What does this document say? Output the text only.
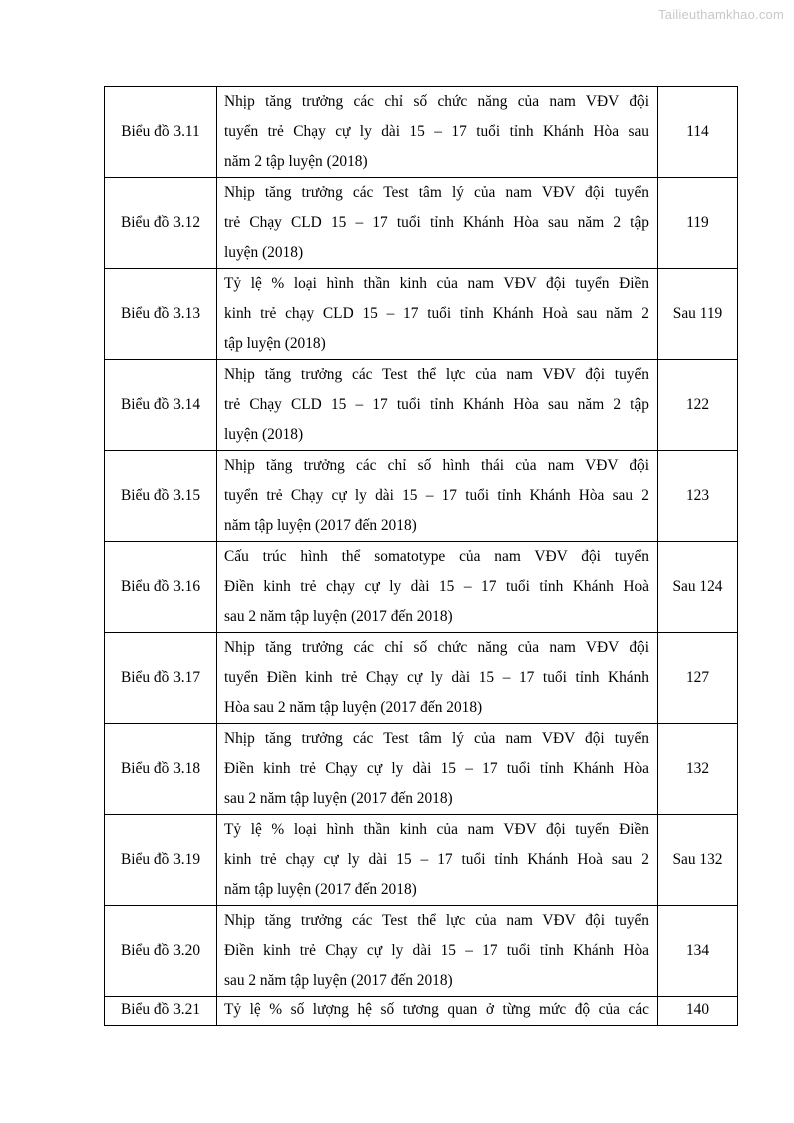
Tailieuthamkhao.com
Biểu đồ 3.11	Nhịp tăng trưởng các chỉ số chức năng của nam VĐV đội
tuyển trẻ Chạy cự ly dài 15 – 17 tuổi tỉnh Khánh Hòa sau
năm 2 tập luyện (2018)	114
Biểu đồ 3.12	Nhịp tăng trưởng các Test tâm lý của nam VĐV đội tuyển
trẻ Chạy CLD 15 – 17 tuổi tỉnh Khánh Hòa sau năm 2 tập
luyện (2018)	119
Biểu đồ 3.13	Tỷ lệ % loại hình thần kinh của nam VĐV đội tuyển Điền
kinh trẻ chạy CLD 15 – 17 tuổi tỉnh Khánh Hoà sau năm 2
tập luyện (2018)	Sau 119
Biểu đồ 3.14	Nhịp tăng trưởng các Test thể lực của nam VĐV đội tuyển
trẻ Chạy CLD 15 – 17 tuổi tỉnh Khánh Hòa sau năm 2 tập
luyện (2018)	122
Biểu đồ 3.15	Nhịp tăng trưởng các chỉ số hình thái của nam VĐV đội
tuyển trẻ Chạy cự ly dài 15 – 17 tuổi tỉnh Khánh Hòa sau 2
năm tập luyện (2017 đến 2018)	123
Biểu đồ 3.16	Cấu trúc hình thể somatotype của nam VĐV đội tuyển
Điền kinh trẻ chạy cự ly dài 15 – 17 tuổi tỉnh Khánh Hoà
sau 2 năm tập luyện (2017 đến 2018)	Sau 124
Biểu đồ 3.17	Nhịp tăng trưởng các chỉ số chức năng của nam VĐV đội
tuyển Điền kinh trẻ Chạy cự ly dài 15 – 17 tuổi tỉnh Khánh
Hòa sau 2 năm tập luyện (2017 đến 2018)	127
Biểu đồ 3.18	Nhịp tăng trưởng các Test tâm lý của nam VĐV đội tuyển
Điền kinh trẻ Chạy cự ly dài 15 – 17 tuổi tỉnh Khánh Hòa
sau 2 năm tập luyện (2017 đến 2018)	132
Biểu đồ 3.19	Tỷ lệ % loại hình thần kinh của nam VĐV đội tuyển Điền
kinh trẻ chạy cự ly dài 15 – 17 tuổi tỉnh Khánh Hoà sau 2
năm tập luyện (2017 đến 2018)	Sau 132
Biểu đồ 3.20	Nhịp tăng trưởng các Test thể lực của nam VĐV đội tuyển
Điền kinh trẻ Chạy cự ly dài 15 – 17 tuổi tỉnh Khánh Hòa
sau 2 năm tập luyện (2017 đến 2018)	134
Biểu đồ 3.21	Tỷ lệ % số lượng hệ số tương quan ở từng mức độ của các	140
